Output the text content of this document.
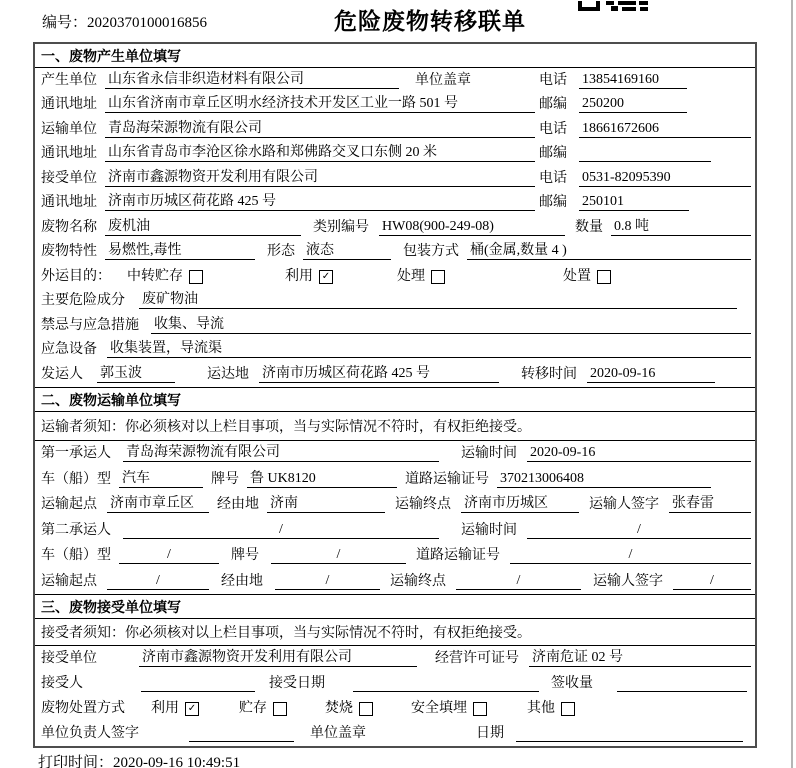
编号：2020370100016856	危险废物转移联单
一、废物产生单位填写
产生单位 山东省永信非织造材料有限公司	单位盖章	电话 13854169160
通讯地址 山东省济南市章丘区明水经济技术开发区工业一路 501 号	邮编 250200
运输单位 青岛海荣源物流有限公司	电话 18661672606
通讯地址 山东省青岛市李沧区徐水路和郑佛路交叉口东侧 20 米	邮编
接受单位 济南市鑫源物资开发利用有限公司	电话 0531-82095390
通讯地址 济南市历城区荷花路 425 号	邮编 250101
废物名称 废机油	类别编号 HW08(900-249-08)	数量 0.8 吨
废物特性 易燃性,毒性	形态 液态	包装方式 桶(金属,数量 4 )
外运目的： 中转贮存	利用 ✓	处理	处置
主要危险成分 废矿物油
禁忌与应急措施 收集、导流
应急设备 收集装置，导流渠
发运人 郭玉波	运达地 济南市历城区荷花路 425 号	转移时间 2020-09-16
二、废物运输单位填写
运输者须知：你必须核对以上栏目事项，当与实际情况不符时，有权拒绝接受。
第一承运人 青岛海荣源物流有限公司	运输时间 2020-09-16
车（船）型 汽车	牌号 鲁 UK8120	道路运输证号 370213006408
运输起点 济南市章丘区	经由地 济南	运输终点 济南市历城区	运输人签字 张春雷
第二承运人	/	运输时间	/
车（船）型	/	牌号	/	道路运输证号	/
运输起点	/	经由地	/	运输终点	/	运输人签字	/
三、废物接受单位填写
接受者须知：你必须核对以上栏目事项，当与实际情况不符时，有权拒绝接受。
接受单位	济南市鑫源物资开发利用有限公司	经营许可证号 济南危证 02 号
接受人	接受日期	签收量
废物处置方式 利用 ✓	贮存	焚烧	安全填埋	其他
单位负责人签字	单位盖章	日期
打印时间：2020-09-16 10:49:51
